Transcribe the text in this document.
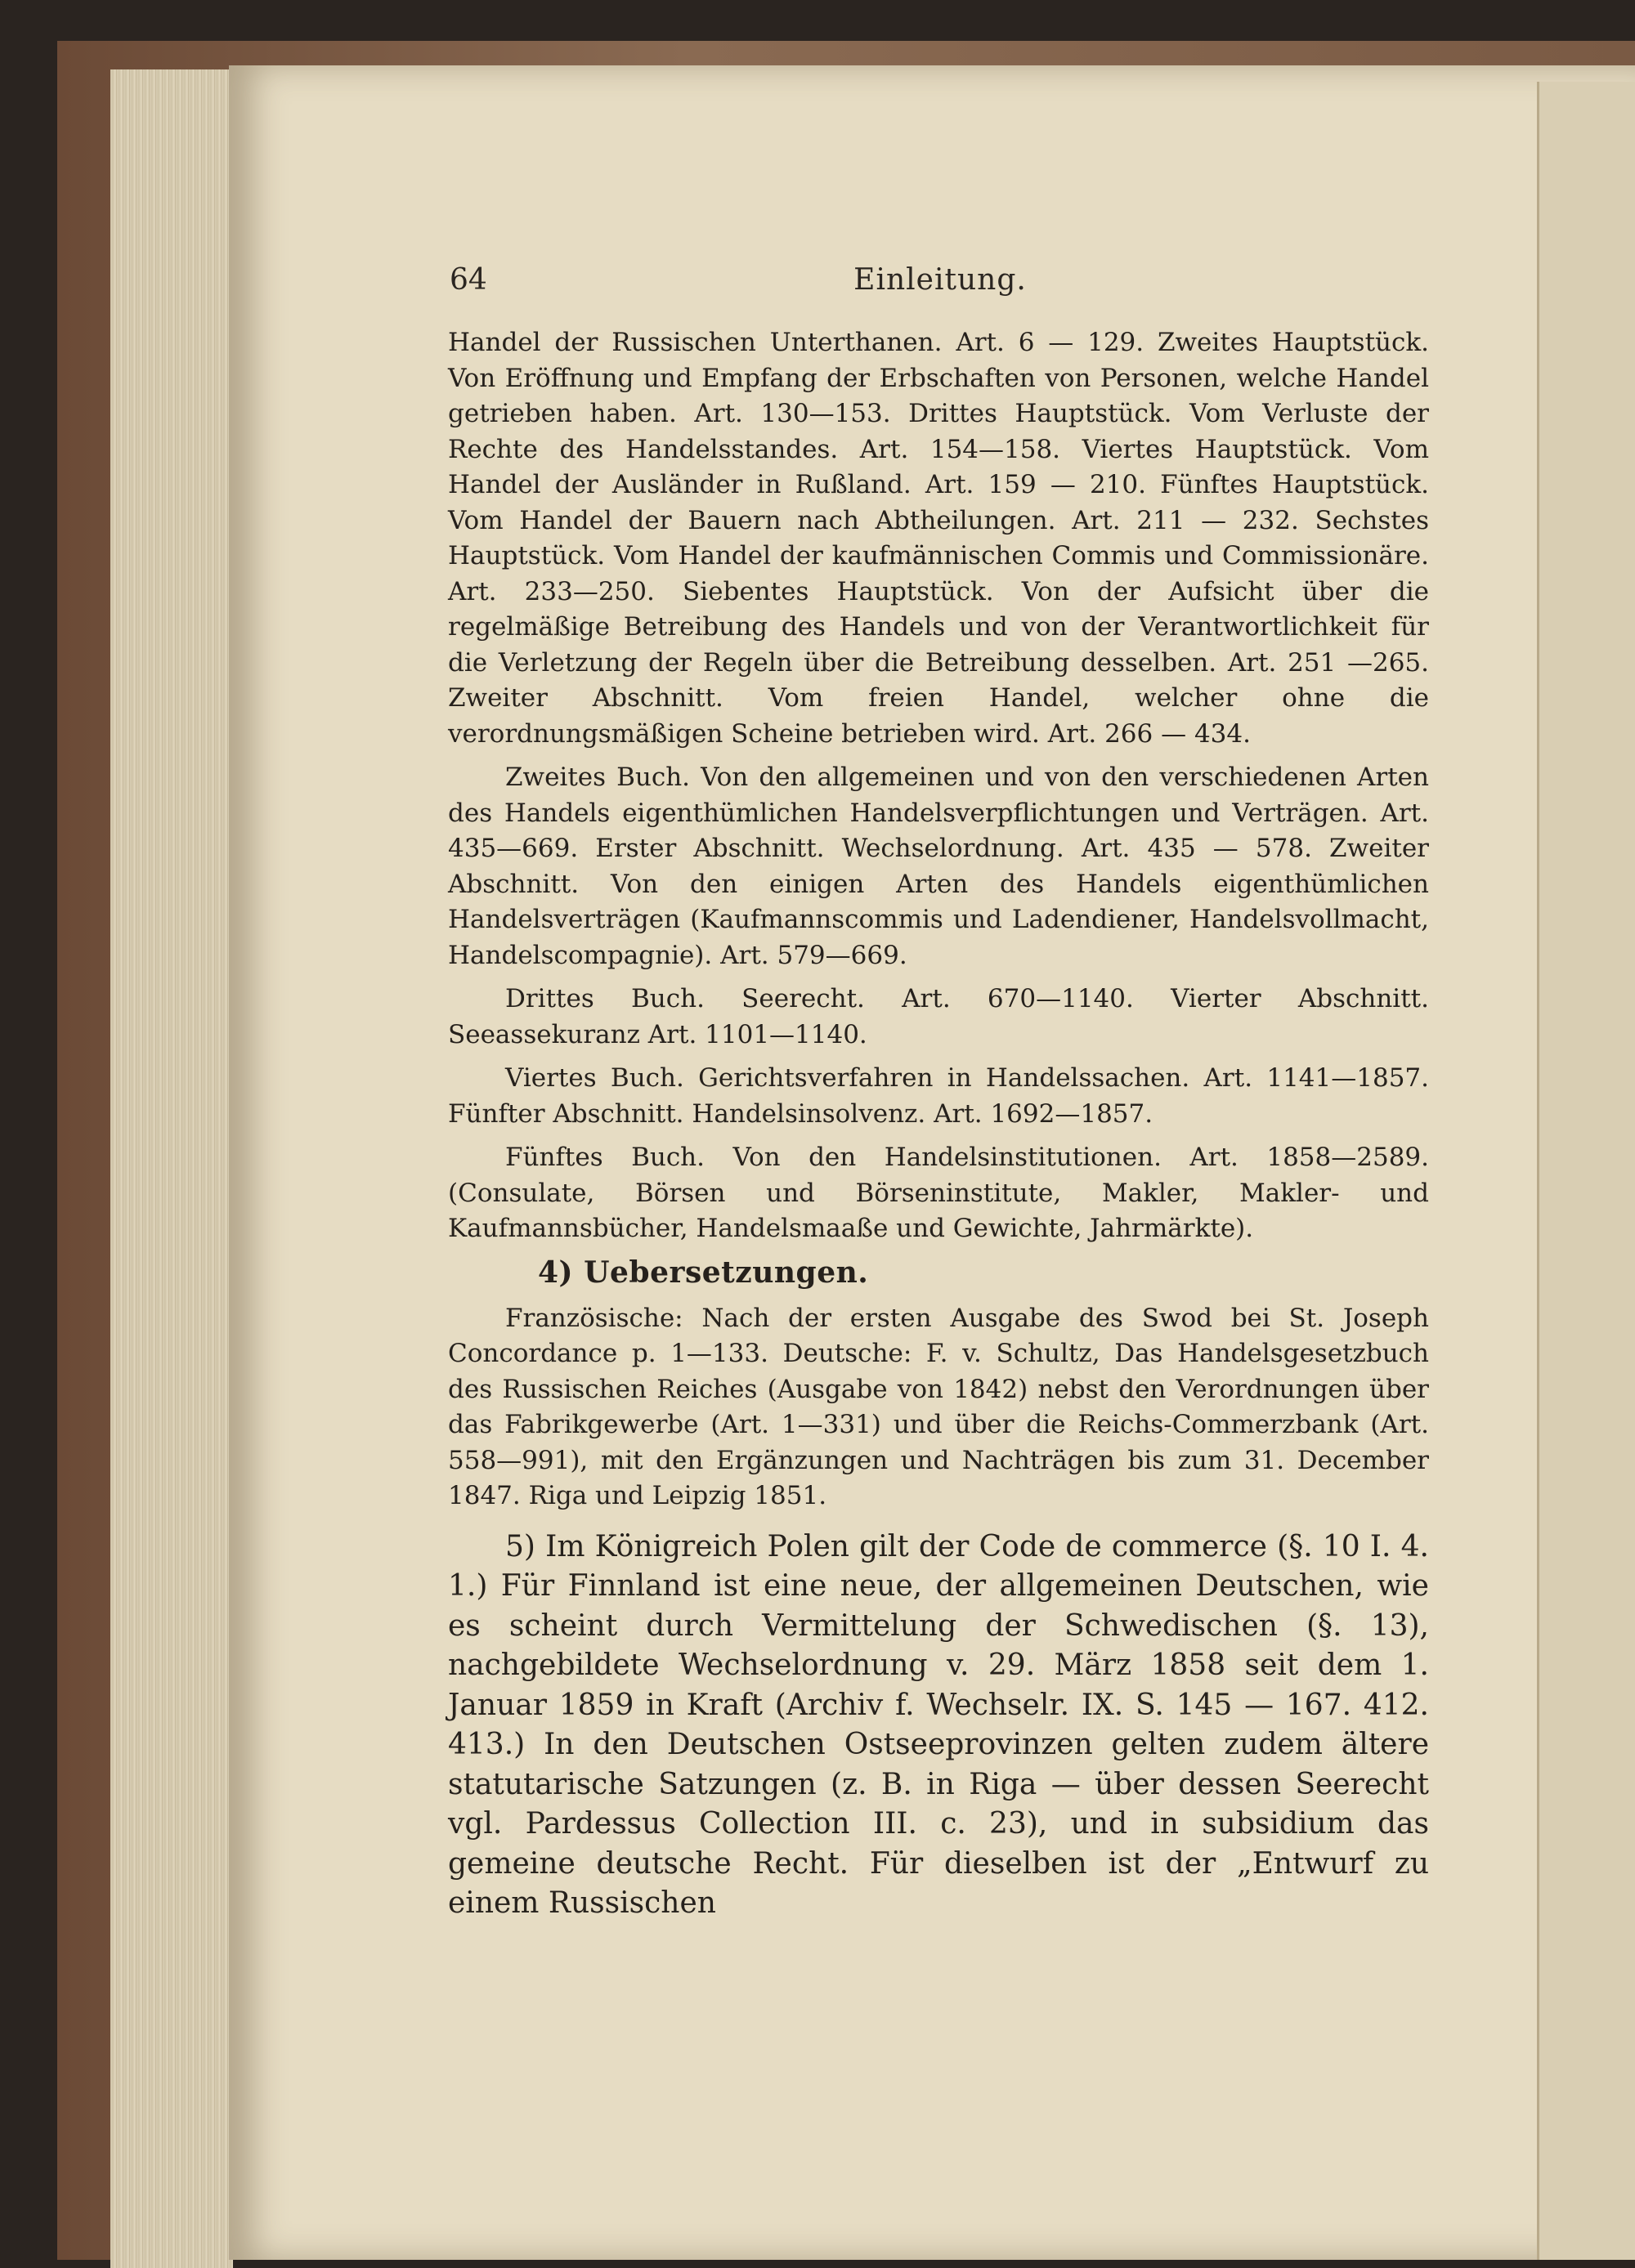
64	Einleitung.

Handel der Russischen Unterthanen. Art. 6 — 129. Zweites Hauptstück. Von Eröffnung und Empfang der Erbschaften von Personen, welche Handel getrieben haben. Art. 130—153. Drittes Hauptstück. Vom Verluste der Rechte des Handelsstandes. Art. 154—158. Viertes Hauptstück. Vom Handel der Ausländer in Rußland. Art. 159 — 210. Fünftes Hauptstück. Vom Handel der Bauern nach Abtheilungen. Art. 211 — 232. Sechstes Hauptstück. Vom Handel der kaufmännischen Commis und Commissionäre. Art. 233—250. Siebentes Hauptstück. Von der Aufsicht über die regelmäßige Betreibung des Handels und von der Verantwortlichkeit für die Verletzung der Regeln über die Betreibung desselben. Art. 251 —265. Zweiter Abschnitt. Vom freien Handel, welcher ohne die verordnungsmäßigen Scheine betrieben wird. Art. 266 — 434.

Zweites Buch. Von den allgemeinen und von den verschiedenen Arten des Handels eigenthümlichen Handelsverpflichtungen und Verträgen. Art. 435—669. Erster Abschnitt. Wechselordnung. Art. 435 — 578. Zweiter Abschnitt. Von den einigen Arten des Handels eigenthümlichen Handelsverträgen (Kaufmannscommis und Ladendiener, Handelsvollmacht, Handelscompagnie). Art. 579—669.

Drittes Buch. Seerecht. Art. 670—1140. Vierter Abschnitt. Seeassekuranz Art. 1101—1140.

Viertes Buch. Gerichtsverfahren in Handelssachen. Art. 1141—1857. Fünfter Abschnitt. Handelsinsolvenz. Art. 1692—1857.

Fünftes Buch. Von den Handelsinstitutionen. Art. 1858—2589. (Consulate, Börsen und Börseninstitute, Makler, Makler- und Kaufmannsbücher, Handelsmaaße und Gewichte, Jahrmärkte).

4) Uebersetzungen.

Französische: Nach der ersten Ausgabe des Swod bei St. Joseph Concordance p. 1—133. Deutsche: F. v. Schultz, Das Handelsgesetzbuch des Russischen Reiches (Ausgabe von 1842) nebst den Verordnungen über das Fabrikgewerbe (Art. 1—331) und über die Reichs-Commerzbank (Art. 558—991), mit den Ergänzungen und Nachträgen bis zum 31. December 1847. Riga und Leipzig 1851.

5) Im Königreich Polen gilt der Code de commerce (§. 10 I. 4. 1.) Für Finnland ist eine neue, der allgemeinen Deutschen, wie es scheint durch Vermittelung der Schwedischen (§. 13), nachgebildete Wechselordnung v. 29. März 1858 seit dem 1. Januar 1859 in Kraft (Archiv f. Wechselr. IX. S. 145 — 167. 412. 413.) In den Deutschen Ostseeprovinzen gelten zudem ältere statutarische Satzungen (z. B. in Riga — über dessen Seerecht vgl. Pardessus Collection III. c. 23), und in subsidium das gemeine deutsche Recht. Für dieselben ist der „Entwurf zu einem Russischen
